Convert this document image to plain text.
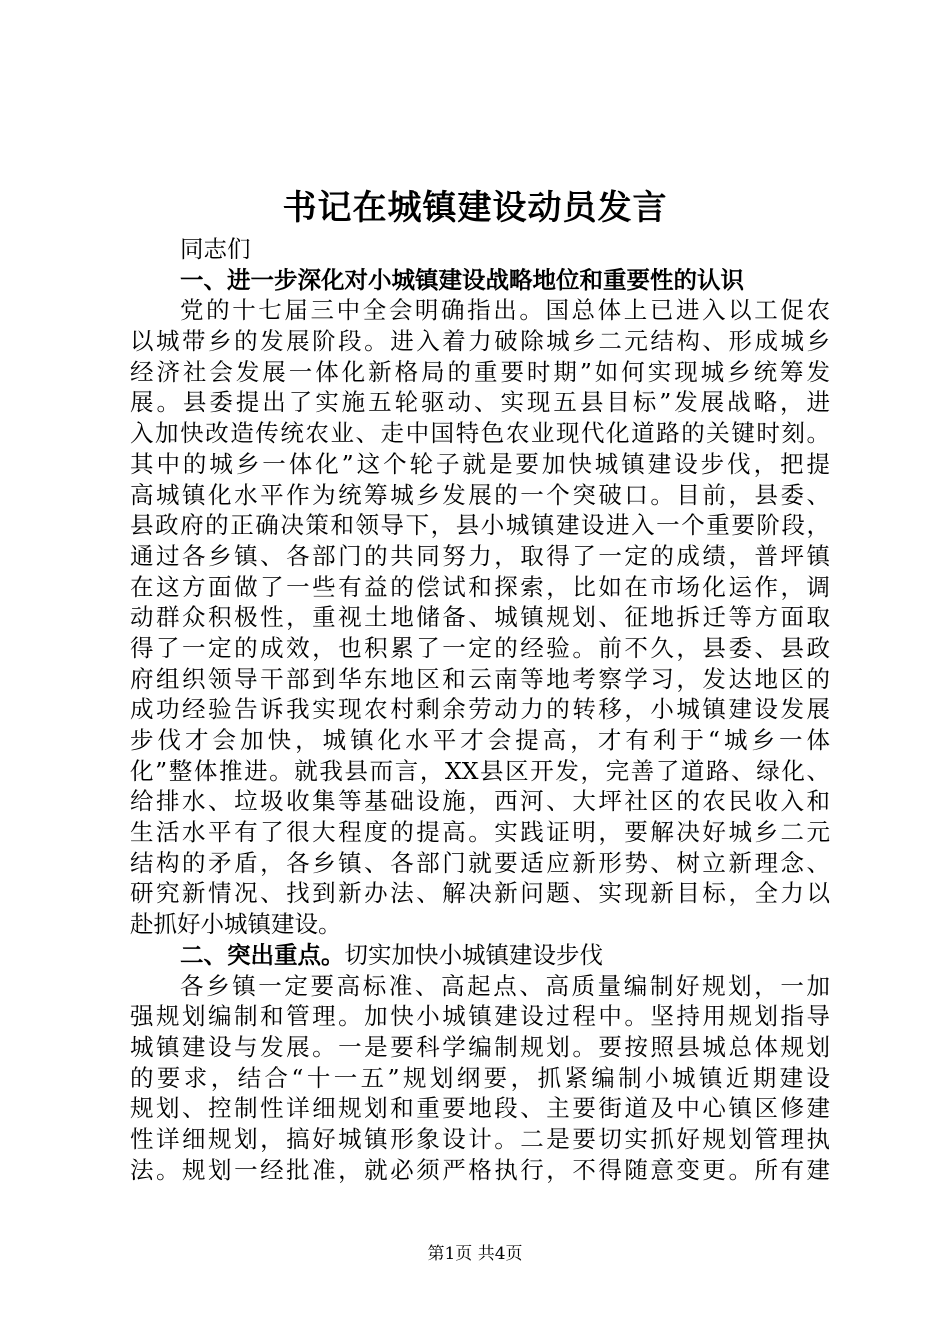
书记在城镇建设动员发言
同志们
一、进一步深化对小城镇建设战略地位和重要性的认识
党的十七届三中全会明确指出。国总体上已进入以工促农
以城带乡的发展阶段。进入着力破除城乡二元结构、形成城乡
经济社会发展一体化新格局的重要时期”如何实现城乡统筹发
展。县委提出了实施五轮驱动、实现五县目标”发展战略，进
入加快改造传统农业、走中国特色农业现代化道路的关键时刻。
其中的城乡一体化”这个轮子就是要加快城镇建设步伐，把提
高城镇化水平作为统筹城乡发展的一个突破口。目前，县委、
县政府的正确决策和领导下，县小城镇建设进入一个重要阶段，
通过各乡镇、各部门的共同努力，取得了一定的成绩，普坪镇
在这方面做了一些有益的偿试和探索，比如在市场化运作，调
动群众积极性，重视土地储备、城镇规划、征地拆迁等方面取
得了一定的成效，也积累了一定的经验。前不久，县委、县政
府组织领导干部到华东地区和云南等地考察学习，发达地区的
成功经验告诉我实现农村剩余劳动力的转移，小城镇建设发展
步伐才会加快，城镇化水平才会提高，才有利于“城乡一体
化”整体推进。就我县而言，XX县区开发，完善了道路、绿化、
给排水、垃圾收集等基础设施，西河、大坪社区的农民收入和
生活水平有了很大程度的提高。实践证明，要解决好城乡二元
结构的矛盾，各乡镇、各部门就要适应新形势、树立新理念、
研究新情况、找到新办法、解决新问题、实现新目标，全力以
赴抓好小城镇建设。
二、突出重点。切实加快小城镇建设步伐
各乡镇一定要高标准、高起点、高质量编制好规划，一加
强规划编制和管理。加快小城镇建设过程中。坚持用规划指导
城镇建设与发展。一是要科学编制规划。要按照县城总体规划
的要求，结合“十一五”规划纲要，抓紧编制小城镇近期建设
规划、控制性详细规划和重要地段、主要街道及中心镇区修建
性详细规划，搞好城镇形象设计。二是要切实抓好规划管理执
法。规划一经批准，就必须严格执行，不得随意变更。所有建
第1页 共4页
